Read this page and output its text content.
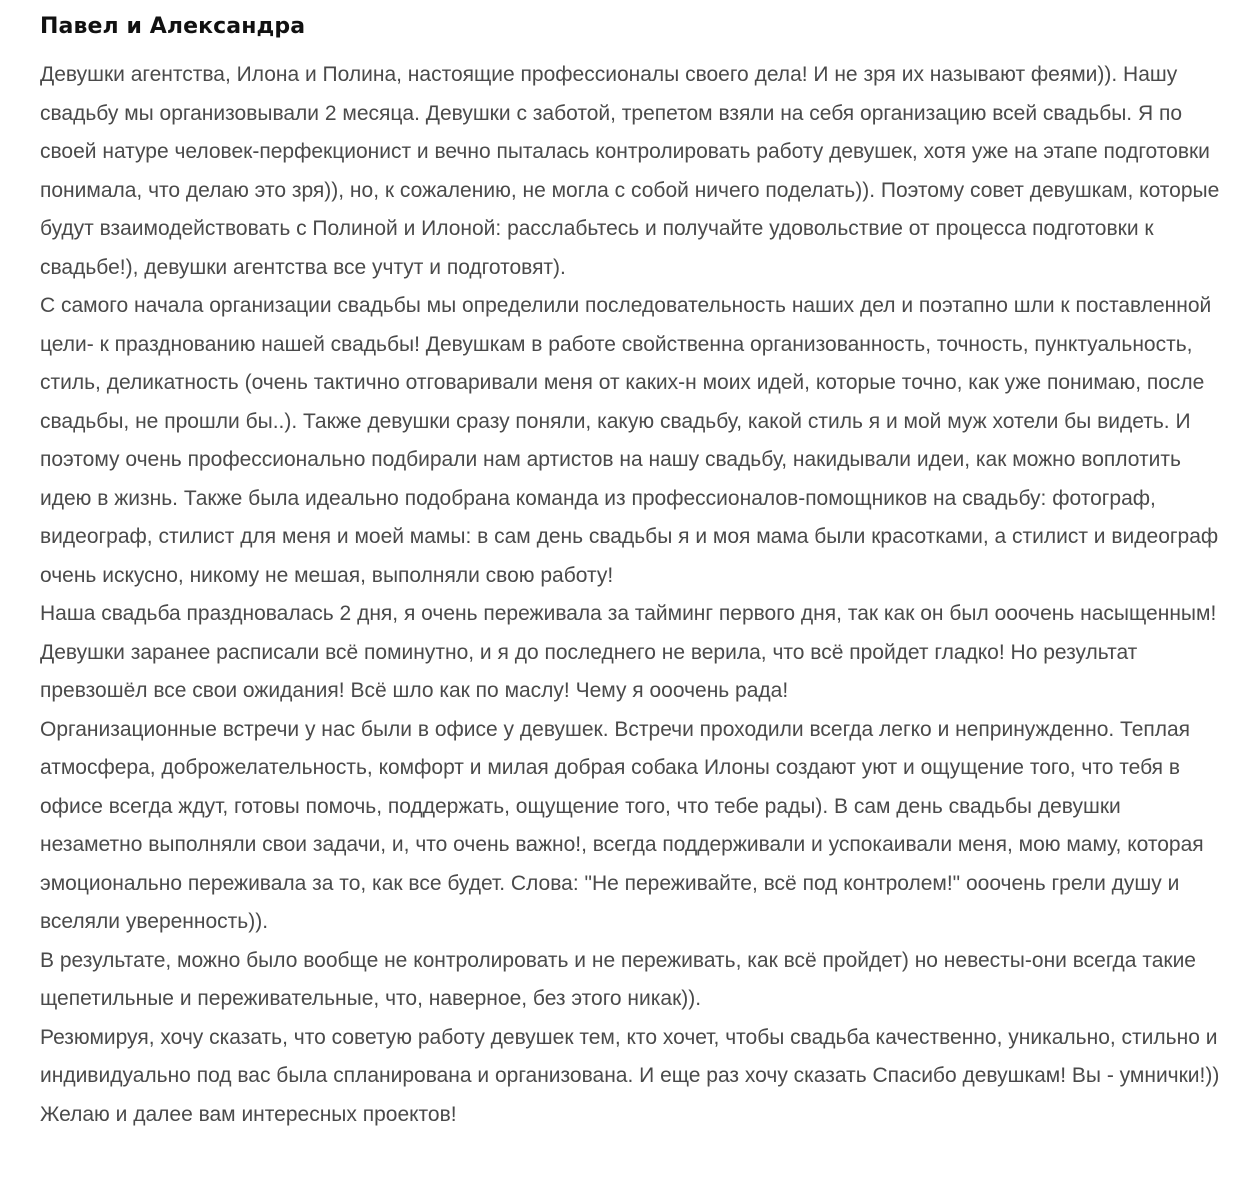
Павел и Александра

Девушки агентства, Илона и Полина, настоящие профессионалы своего дела! И не зря их называют феями)). Нашу свадьбу мы организовывали 2 месяца. Девушки с заботой, трепетом взяли на себя организацию всей свадьбы. Я по своей натуре человек-перфекционист и вечно пыталась контролировать работу девушек, хотя уже на этапе подготовки понимала, что делаю это зря)), но, к сожалению, не могла с собой ничего поделать)). Поэтому совет девушкам, которые будут взаимодействовать с Полиной и Илоной: расслабьтесь и получайте удовольствие от процесса подготовки к свадьбе!), девушки агентства все учтут и подготовят).

С самого начала организации свадьбы мы определили последовательность наших дел и поэтапно шли к поставленной цели- к празднованию нашей свадьбы! Девушкам в работе свойственна организованность, точность, пунктуальность, стиль, деликатность (очень тактично отговаривали меня от каких-н моих идей, которые точно, как уже понимаю, после свадьбы, не прошли бы..). Также девушки сразу поняли, какую свадьбу, какой стиль я и мой муж хотели бы видеть. И поэтому очень профессионально подбирали нам артистов на нашу свадьбу, накидывали идеи, как можно воплотить идею в жизнь. Также была идеально подобрана команда из профессионалов-помощников на свадьбу: фотограф, видеограф, стилист для меня и моей мамы: в сам день свадьбы я и моя мама были красотками, а стилист и видеограф очень искусно, никому не мешая, выполняли свою работу!

Наша свадьба праздновалась 2 дня, я очень переживала за тайминг первого дня, так как он был ооочень насыщенным! Девушки заранее расписали всё поминутно, и я до последнего не верила, что всё пройдет гладко! Но результат превзошёл все свои ожидания! Всё шло как по маслу! Чему я ооочень рада!

Организационные встречи у нас были в офисе у девушек. Встречи проходили всегда легко и непринужденно. Теплая атмосфера, доброжелательность, комфорт и милая добрая собака Илоны создают уют и ощущение того, что тебя в офисе всегда ждут, готовы помочь, поддержать, ощущение того, что тебе рады). В сам день свадьбы девушки незаметно выполняли свои задачи, и, что очень важно!, всегда поддерживали и успокаивали меня, мою маму, которая эмоционально переживала за то, как все будет. Слова: "Не переживайте, всё под контролем!" ооочень грели душу и вселяли уверенность)).

В результате, можно было вообще не контролировать и не переживать, как всё пройдет) но невесты-они всегда такие щепетильные и переживательные, что, наверное, без этого никак)).

Резюмируя, хочу сказать, что советую работу девушек тем, кто хочет, чтобы свадьба качественно, уникально, стильно и индивидуально под вас была спланирована и организована. И еще раз хочу сказать Спасибо девушкам! Вы - умнички!)) Желаю и далее вам интересных проектов!
